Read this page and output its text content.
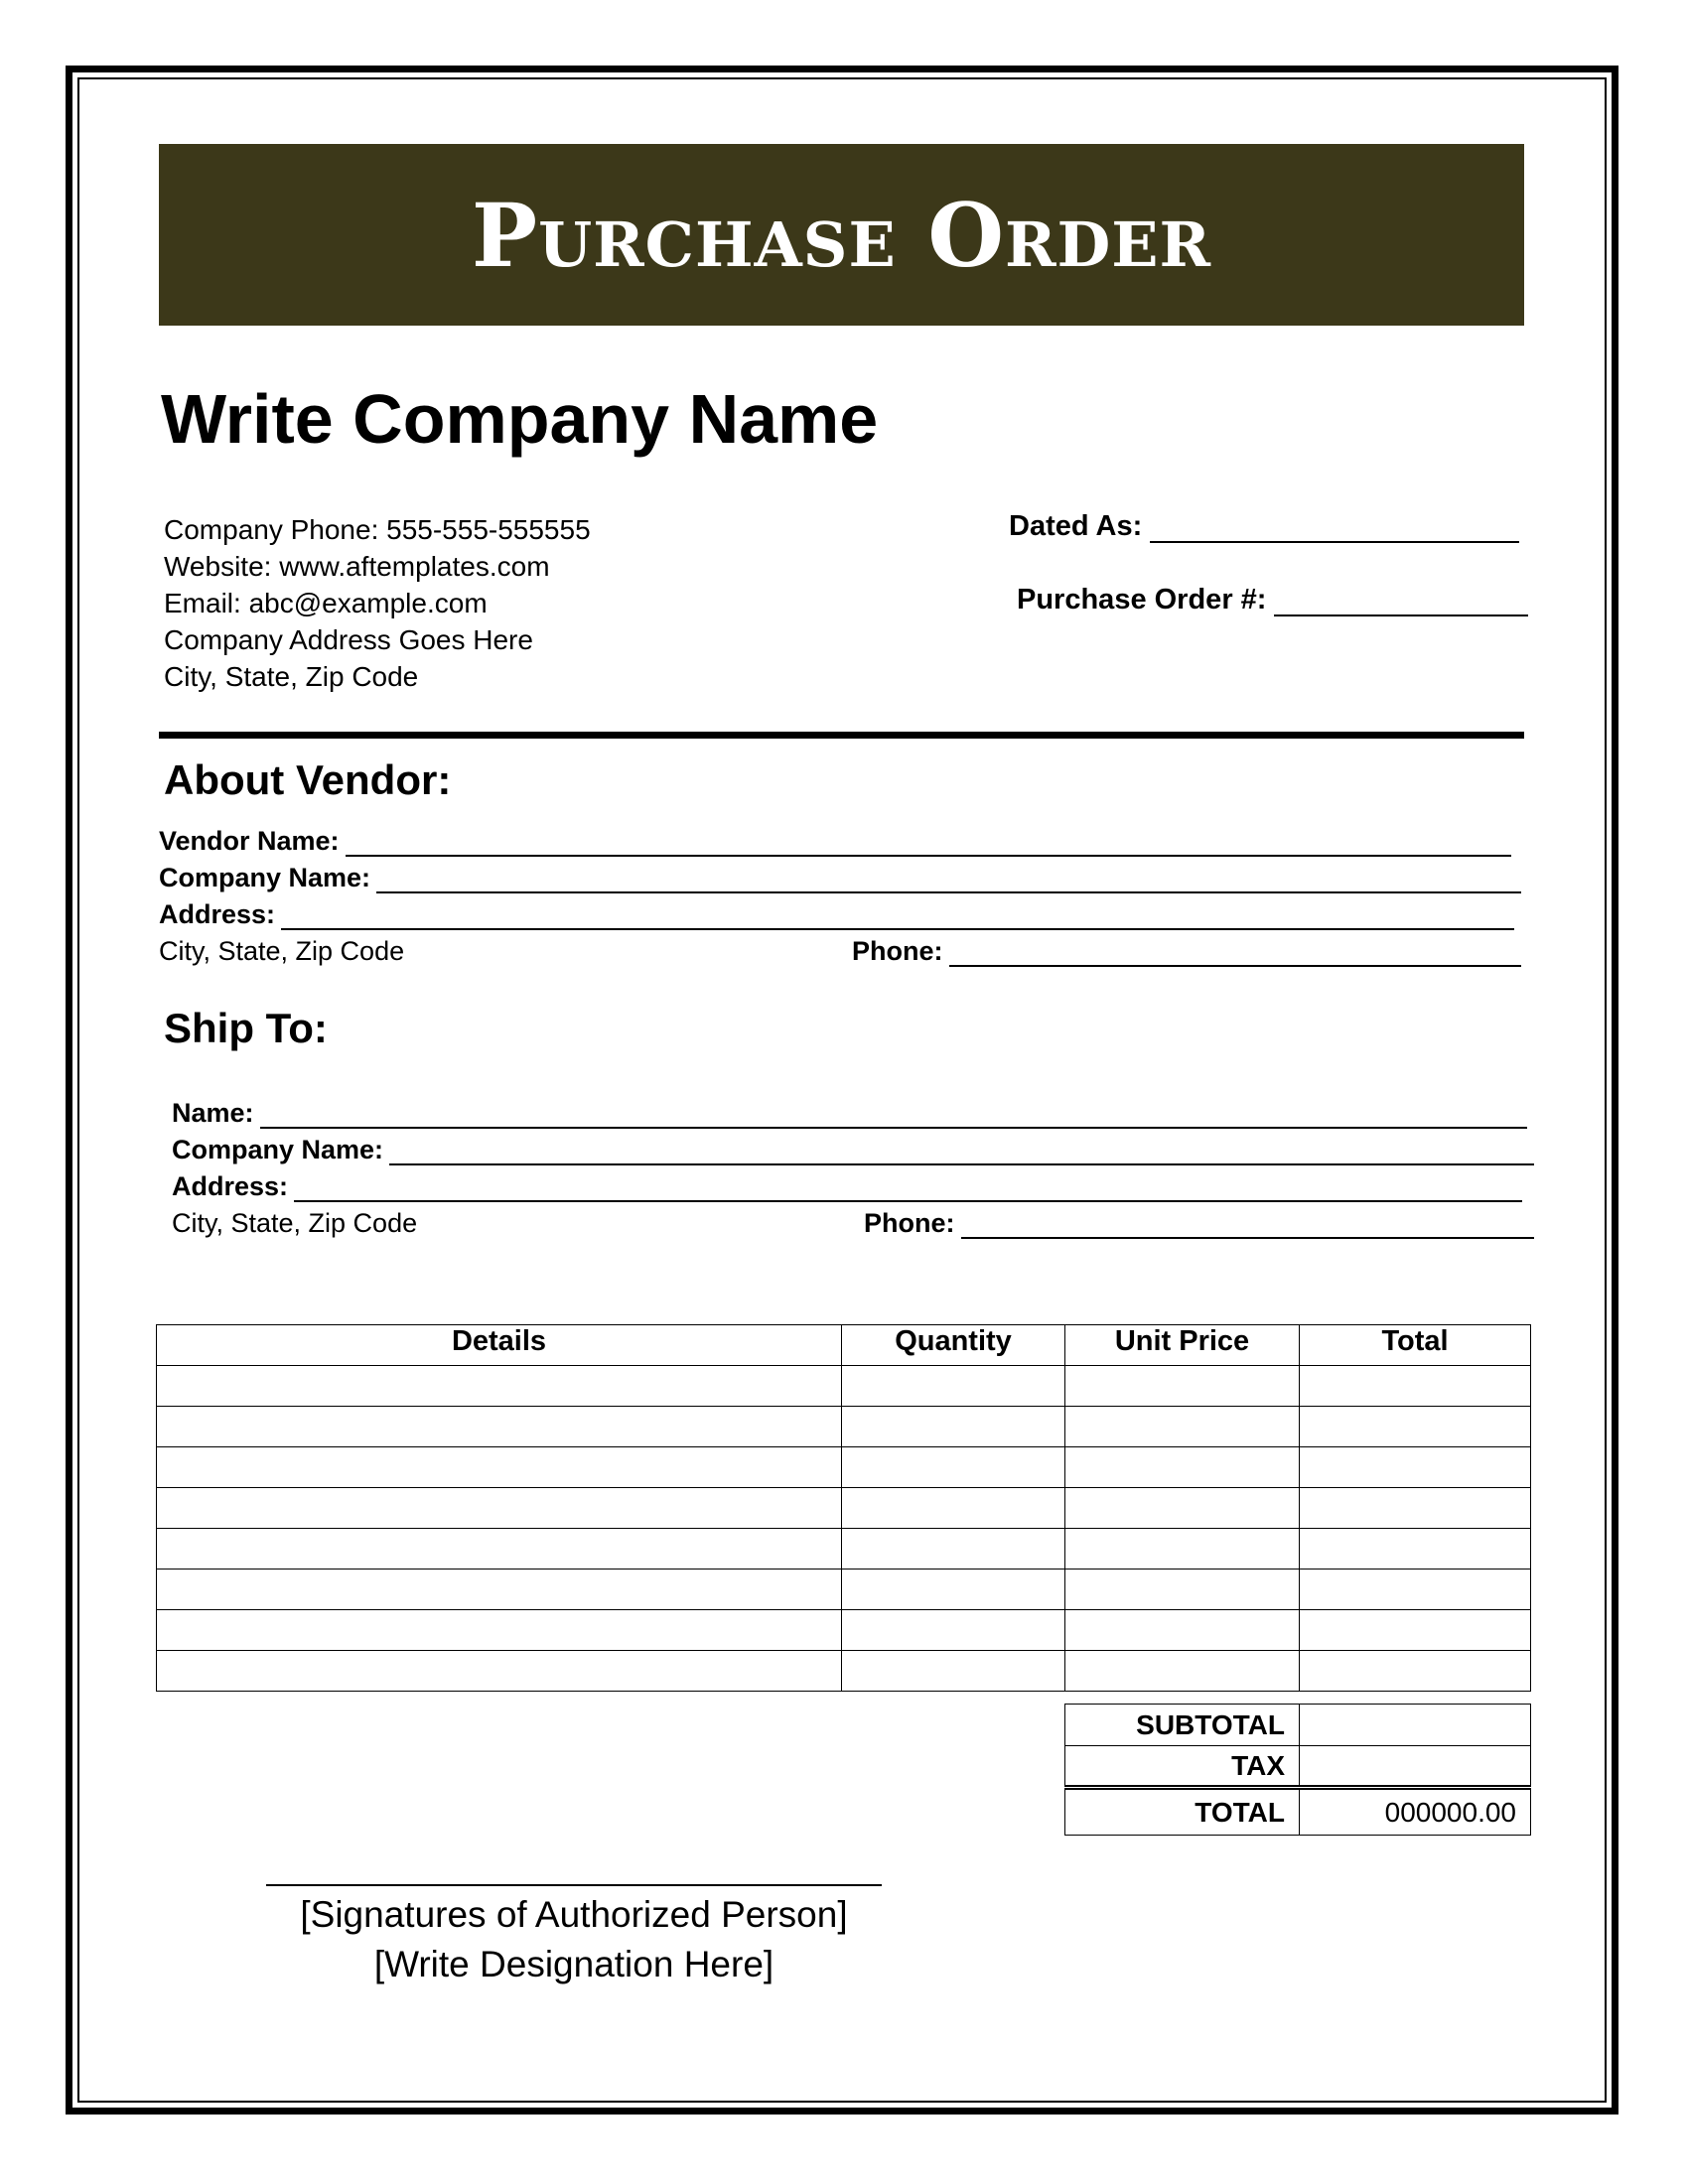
Purchase Order
Write Company Name
Company Phone: 555-555-555555
Website: www.aftemplates.com
Email: abc@example.com
Company Address Goes Here
City, State, Zip Code
Dated As:
Purchase Order #:
About Vendor:
Vendor Name:
Company Name:
Address:
City, State, Zip Code	Phone:
Ship To:
Name:
Company Name:
Address:
City, State, Zip Code	Phone:
Details	Quantity	Unit Price	Total

SUBTOTAL	
TAX	
TOTAL	000000.00
[Signatures of Authorized Person]
[Write Designation Here]
